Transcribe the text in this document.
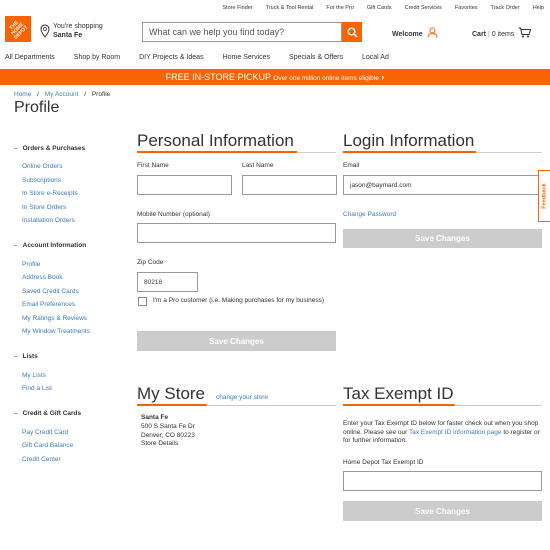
Store Finder Truck & Tool Rental For the Pro Gift Cards Credit Services Favorites Track Order Help
THE HOME DEPOT	You're shopping
Santa Fe	What can we help you find today?	Welcome	Cart | 0 items
All Departments	Shop by Room	DIY Projects & Ideas	Home Services	Specials & Offers	Local Ad
FREE IN-STORE PICKUP Over one million online items eligible ›
Home / My Account / Profile
Profile
– Orders & Purchases
Online Orders
Subscriptions
In Store e-Receipts
In Store Orders
Installation Orders
– Account Information
Profile
Address Book
Saved Credit Cards
Email Preferences
My Ratings & Reviews
My Window Treatments
– Lists
My Lists
Find a List
– Credit & Gift Cards
Pay Credit Card
Gift Card Balance
Credit Center
Personal Information
First Name	Last Name
Mobile Number (optional)
Zip Code
80218
I'm a Pro customer (i.e. Making purchases for my business)
Save Changes
Login Information
Email
jason@baymard.com
Change Password
Save Changes
My Store change your store
Santa Fe
500 S Santa Fe Dr
Denver, CO 80223
Store Details
Tax Exempt ID
Enter your Tax Exempt ID below for faster check out when you shop online. Please see our Tax Exempt ID information page to register or for further information.
Home Depot Tax Exempt ID
Save Changes
Feedback
